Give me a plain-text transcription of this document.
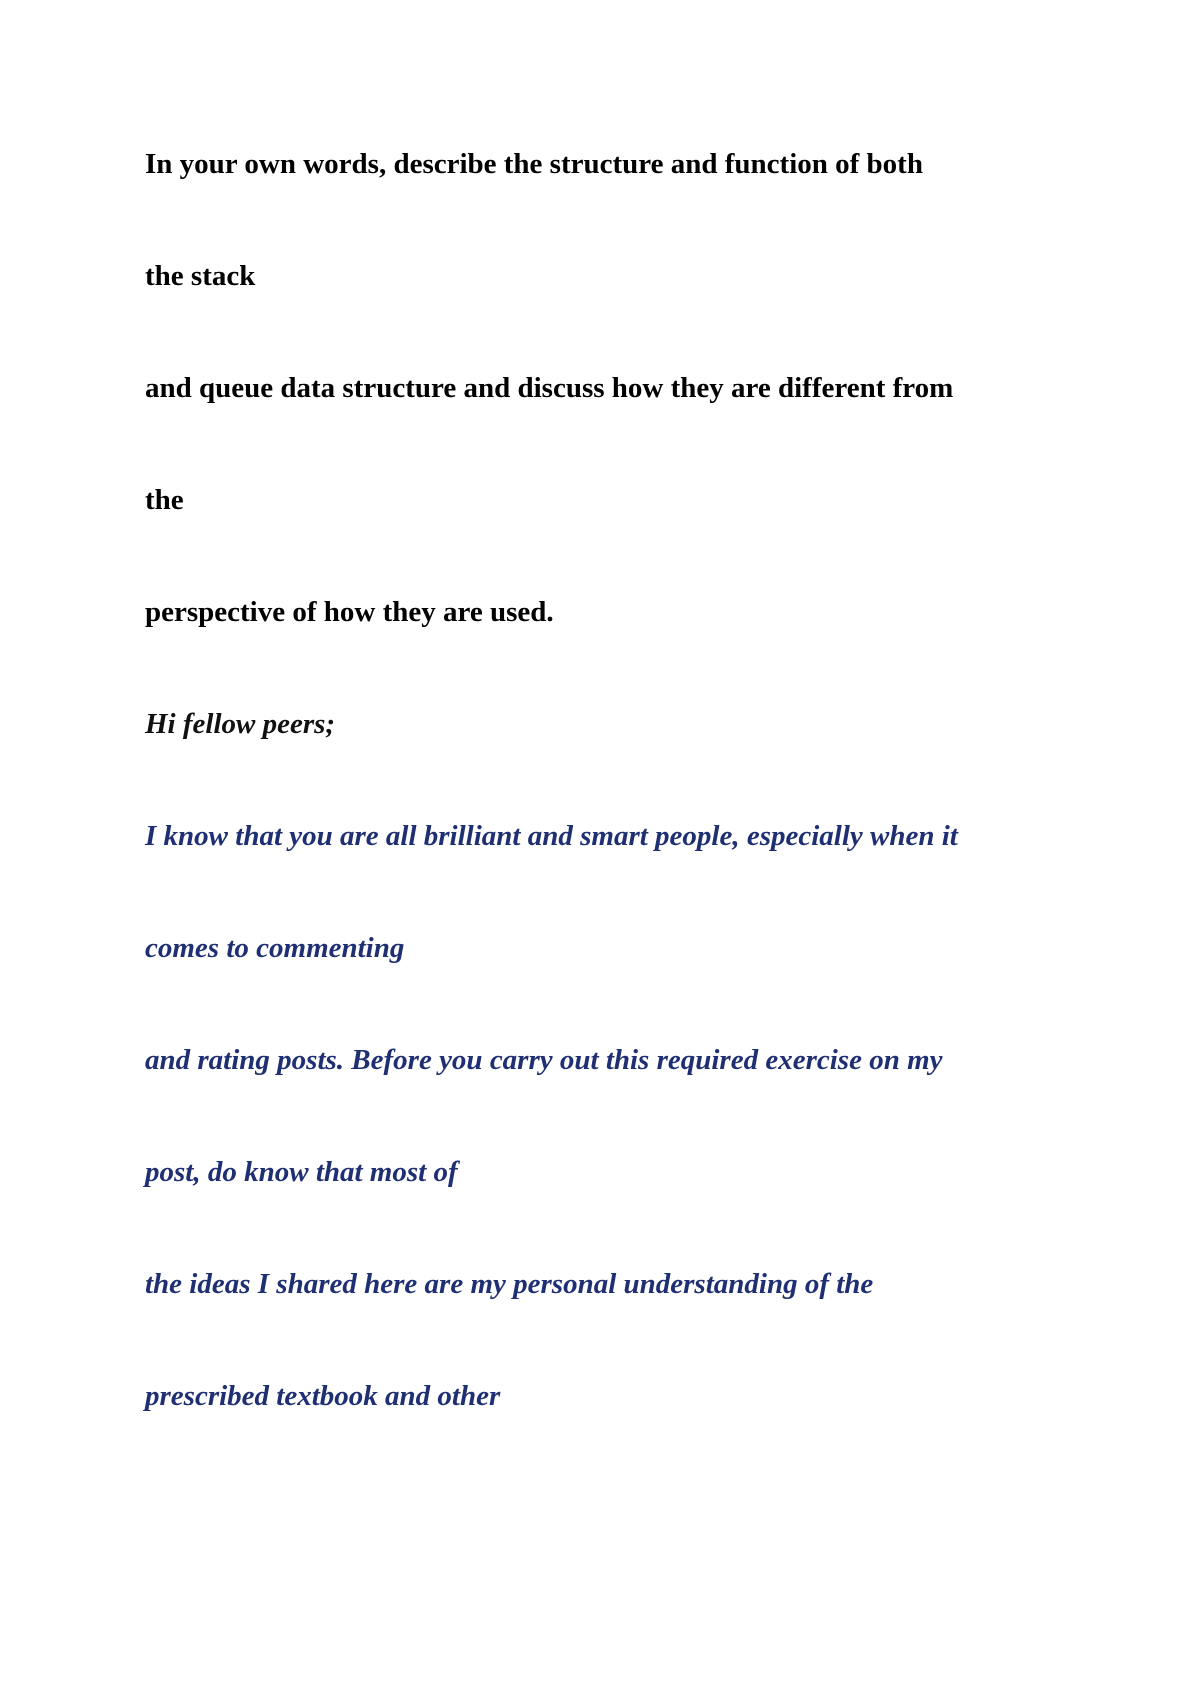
In your own words, describe the structure and function of both

the stack

and queue data structure and discuss how they are different from

the

perspective of how they are used.

Hi fellow peers;

I know that you are all brilliant and smart people, especially when it

comes to commenting

and rating posts. Before you carry out this required exercise on my

post, do know that most of

the ideas I shared here are my personal understanding of the

prescribed textbook and other
